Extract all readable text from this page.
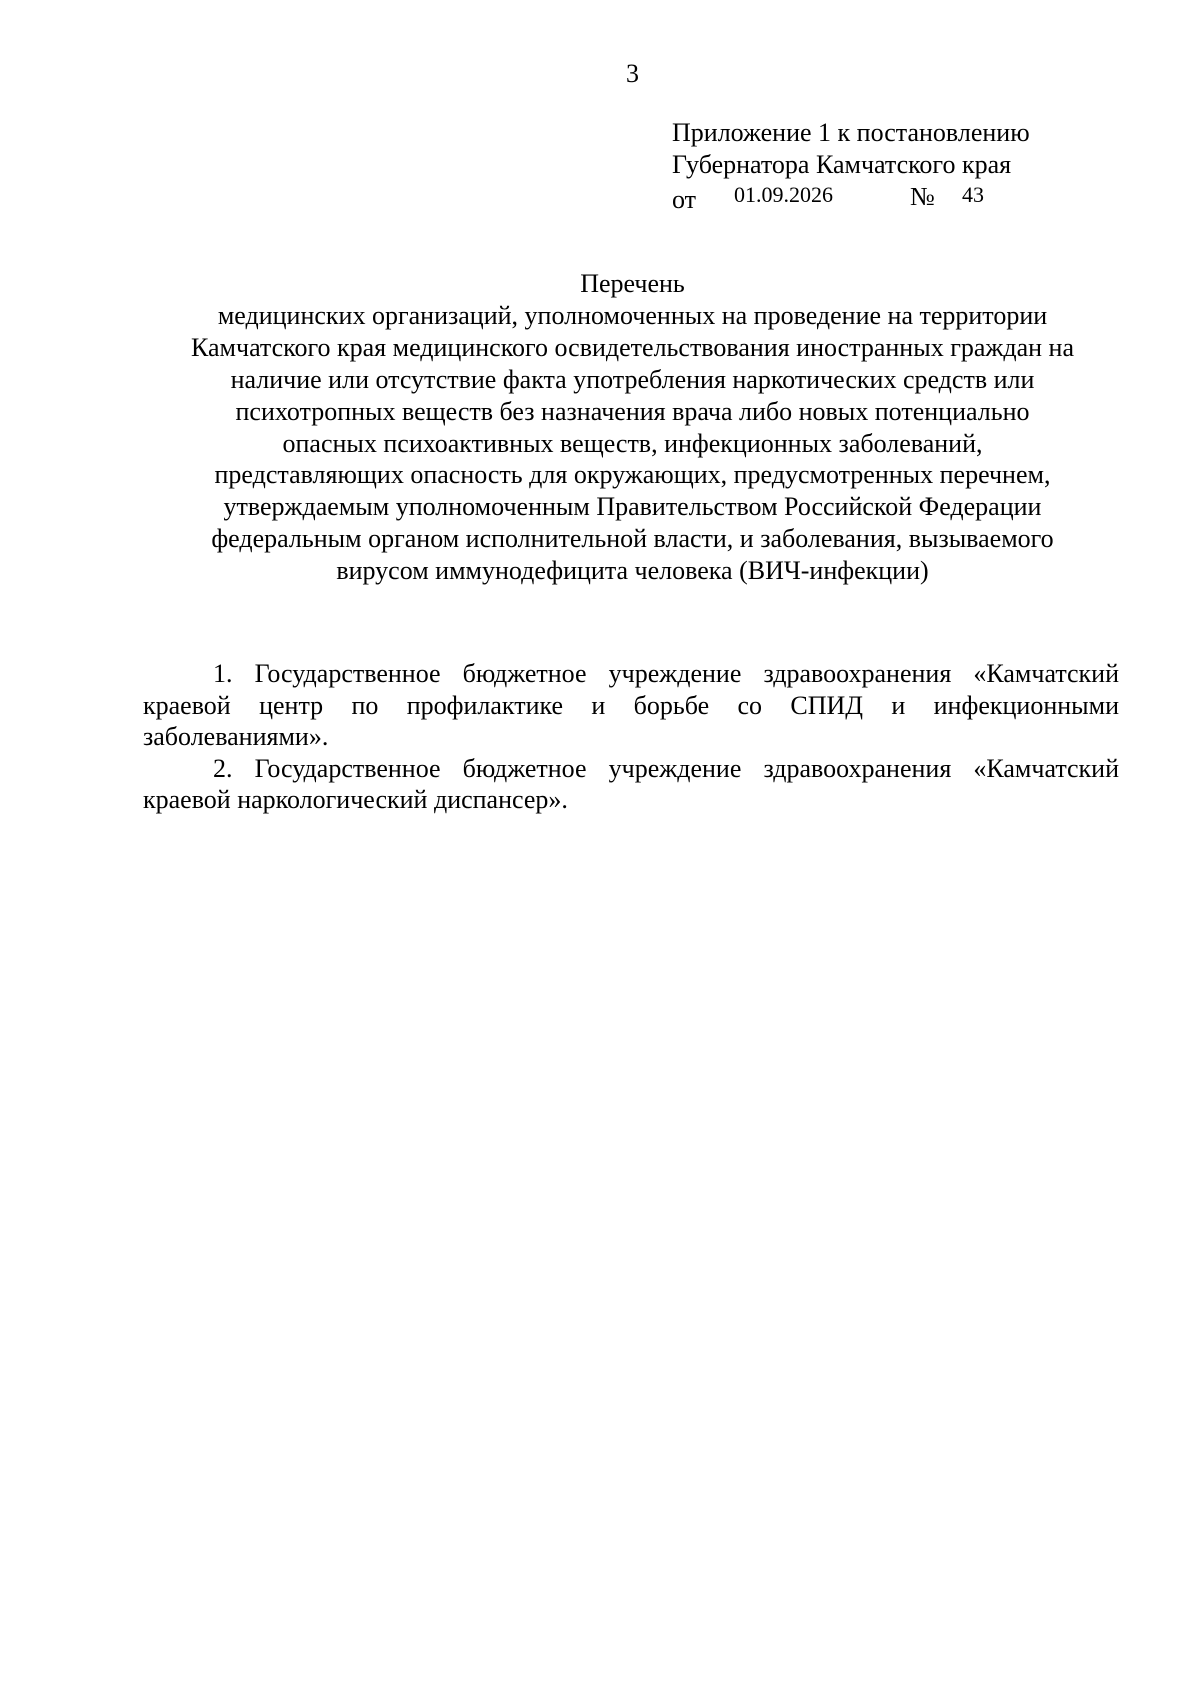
3
Приложение 1 к постановлению
Губернатора Камчатского края
от 01.09.2026	№ 43
Перечень
медицинских организаций, уполномоченных на проведение на территории
Камчатского края медицинского освидетельствования иностранных граждан на
наличие или отсутствие факта употребления наркотических средств или
психотропных веществ без назначения врача либо новых потенциально
опасных психоактивных веществ, инфекционных заболеваний,
представляющих опасность для окружающих, предусмотренных перечнем,
утверждаемым уполномоченным Правительством Российской Федерации
федеральным органом исполнительной власти, и заболевания, вызываемого
вирусом иммунодефицита человека (ВИЧ-инфекции)
1. Государственное бюджетное учреждение здравоохранения «Камчатский
краевой центр по профилактике и борьбе со СПИД и инфекционными
заболеваниями».
2. Государственное бюджетное учреждение здравоохранения «Камчатский
краевой наркологический диспансер».
